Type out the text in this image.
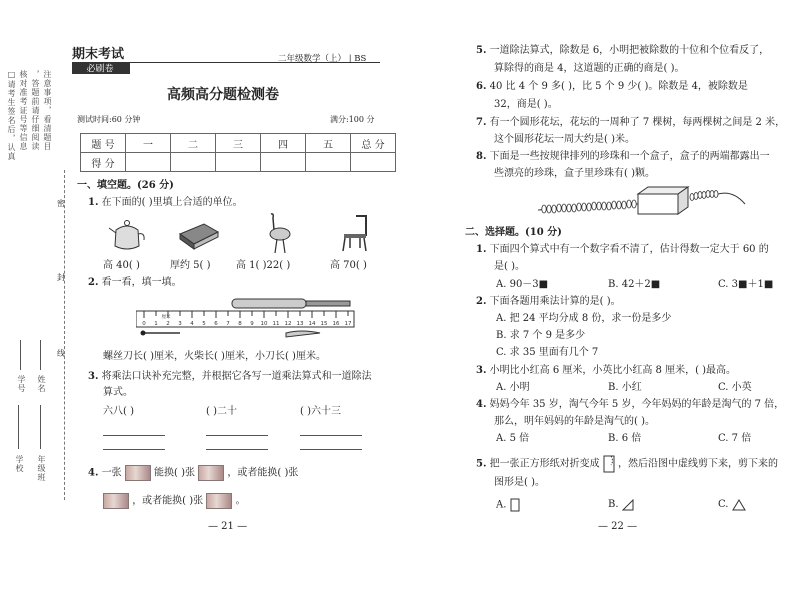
□请考生签名后，认真 核对准考证号等信息 ，答题前请仔细阅读 注意事项，看清题目
学校 年级班
姓名
学号
密
封
线
期末考试
必刷卷
二年级数学（上） | BS
高频高分题检测卷
测试时间:60 分钟	满分:100 分
题 号	一	二	三	四	五	总 分
得 分						
一、填空题。(26 分)
1. 在下面的( )里填上合适的单位。
高 40( )	厚约 5( )	高 1( )22( )	高 70( )
2. 看一看，填一填。
0 1 2 3 4 5 6 7 8 9 10 11 12 13 14 15 16 17
厘米
螺丝刀长( )厘米，火柴长( )厘米，小刀长( )厘米。
3. 将乘法口诀补充完整，并根据它各写一道乘法算式和一道除法
算式。
六八( )	( )二十	( )六十三
4. 一张	能换( )张	，或者能换( )张
，或者能换( )张	。
— 21 —
5. 一道除法算式，除数是 6，小明把被除数的十位和个位看反了，
算除得的商是 4，这道题的正确的商是( )。
6. 40 比 4 个 9 多( )，比 5 个 9 少( )。除数是 4，被除数是
32，商是( )。
7. 有一个圆形花坛，花坛的一周种了 7 棵树，每两棵树之间是 2 米，
这个圆形花坛一周大约是( )米。
8. 下面是一些按规律排列的珍珠和一个盒子，盒子的两端都露出一
些漂亮的珍珠，盒子里珍珠有( )颗。
二、选择题。(10 分)
1. 下面四个算式中有一个数字看不清了，估计得数一定大于 60 的
是( )。
A. 90－3■	B. 42＋2■	C. 3■＋1■
2. 下面各题用乘法计算的是( )。
A. 把 24 平均分成 8 份，求一份是多少
B. 求 7 个 9 是多少
C. 求 35 里面有几个 7
3. 小明比小红高 6 厘米，小英比小红高 8 厘米，( )最高。
A. 小明	B. 小红	C. 小英
4. 妈妈今年 35 岁，淘气今年 5 岁，今年妈妈的年龄是淘气的 7 倍，
那么，明年妈妈的年龄是淘气的( )。
A. 5 倍	B. 6 倍	C. 7 倍
5. 把一张正方形纸对折变成 ，然后沿图中虚线剪下来，剪下来的
图形是( )。
A.	B.	C.
— 22 —
